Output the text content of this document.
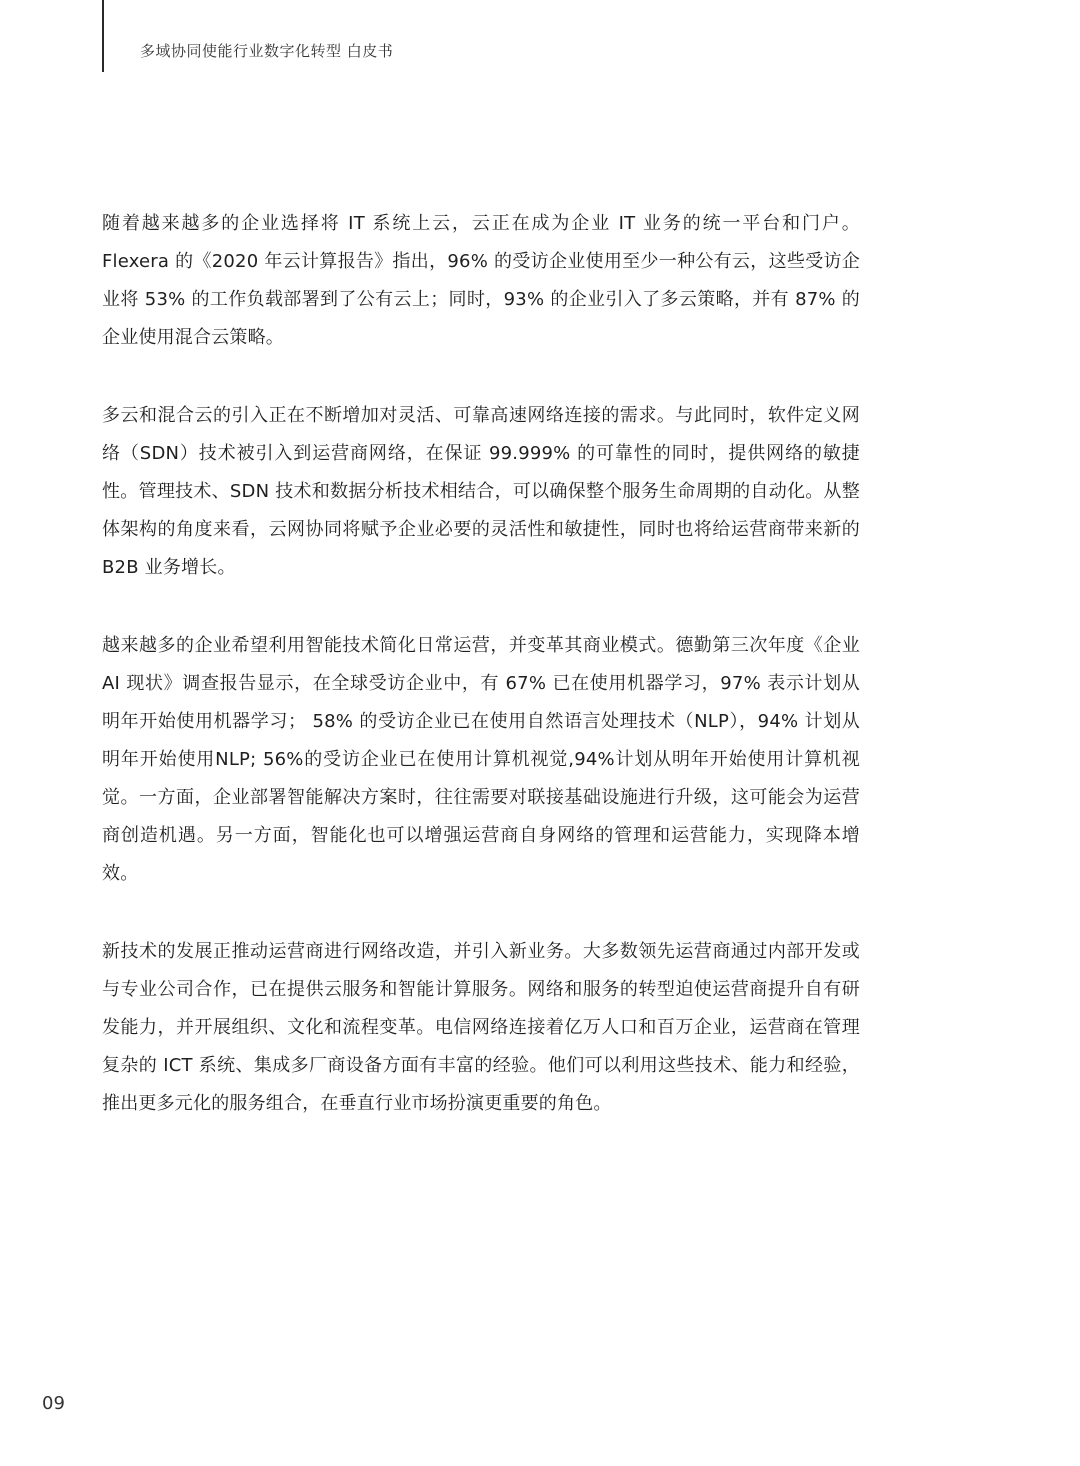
多域协同使能行业数字化转型 白皮书

随着越来越多的企业选择将 IT 系统上云，云正在成为企业 IT 业务的统一平台和门户。Flexera 的《2020 年云计算报告》指出，96% 的受访企业使用至少一种公有云，这些受访企业将 53% 的工作负载部署到了公有云上；同时，93% 的企业引入了多云策略，并有 87% 的企业使用混合云策略。

多云和混合云的引入正在不断增加对灵活、可靠高速网络连接的需求。与此同时，软件定义网络（SDN）技术被引入到运营商网络，在保证 99.999% 的可靠性的同时，提供网络的敏捷性。管理技术、SDN 技术和数据分析技术相结合，可以确保整个服务生命周期的自动化。从整体架构的角度来看，云网协同将赋予企业必要的灵活性和敏捷性，同时也将给运营商带来新的 B2B 业务增长。

越来越多的企业希望利用智能技术简化日常运营，并变革其商业模式。德勤第三次年度《企业 AI 现状》调查报告显示，在全球受访企业中，有 67% 已在使用机器学习，97% 表示计划从明年开始使用机器学习； 58% 的受访企业已在使用自然语言处理技术（NLP），94% 计划从明年开始使用NLP; 56%的受访企业已在使用计算机视觉,94%计划从明年开始使用计算机视觉。一方面，企业部署智能解决方案时，往往需要对联接基础设施进行升级，这可能会为运营商创造机遇。另一方面，智能化也可以增强运营商自身网络的管理和运营能力，实现降本增效。

新技术的发展正推动运营商进行网络改造，并引入新业务。大多数领先运营商通过内部开发或与专业公司合作，已在提供云服务和智能计算服务。网络和服务的转型迫使运营商提升自有研发能力，并开展组织、文化和流程变革。电信网络连接着亿万人口和百万企业，运营商在管理复杂的 ICT 系统、集成多厂商设备方面有丰富的经验。他们可以利用这些技术、能力和经验，推出更多元化的服务组合，在垂直行业市场扮演更重要的角色。

09
